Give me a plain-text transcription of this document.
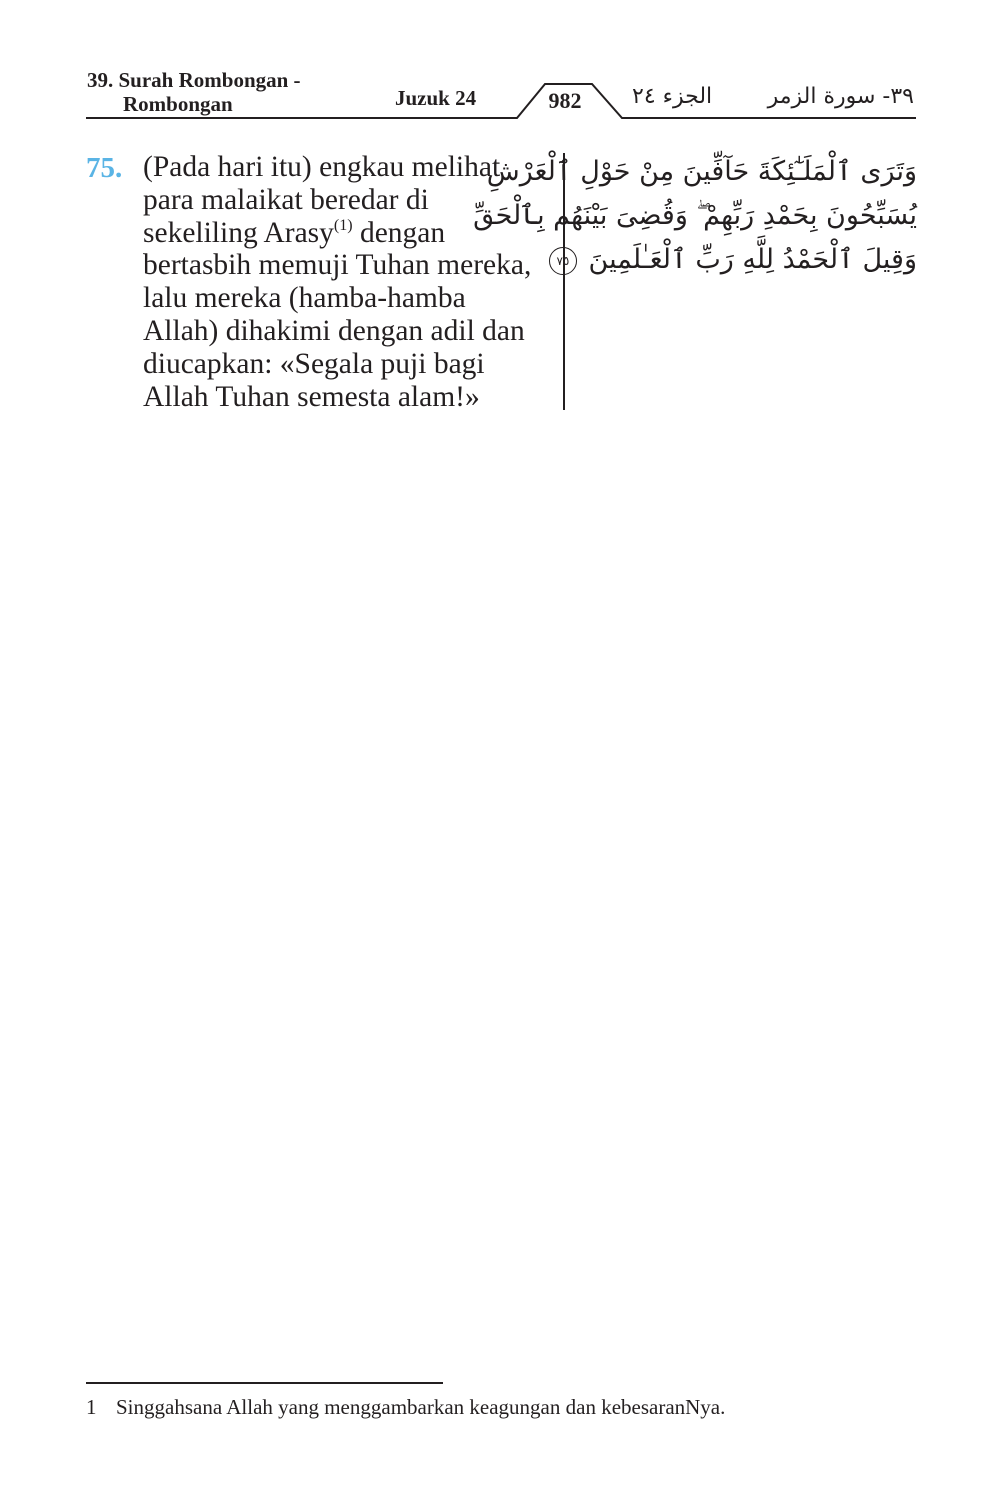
39. Surah Rombongan -
Rombongan	Juzuk 24	982	الجزء ٢٤	٣٩- سورة الزمر
75. (Pada hari itu) engkau melihat
para malaikat beredar di
sekeliling Arasy$^{(1)}$ dengan
bertasbih memuji Tuhan mereka,
lalu mereka (hamba-hamba
Allah) dihakimi dengan adil dan
diucapkan: «Segala puji bagi
Allah Tuhan semesta alam!»
وَتَرَى ٱلْمَلَـٰٓئِكَةَ حَآفِّينَ مِنْ حَوْلِ ٱلْعَرْشِ
يُسَبِّحُونَ بِحَمْدِ رَبِّهِمْ ۖ وَقُضِىَ بَيْنَهُم بِٱلْحَقِّ
وَقِيلَ ٱلْحَمْدُ لِلَّهِ رَبِّ ٱلْعَـٰلَمِينَ ٧٥
1 Singgahsana Allah yang menggambarkan keagungan dan kebesaranNya.
